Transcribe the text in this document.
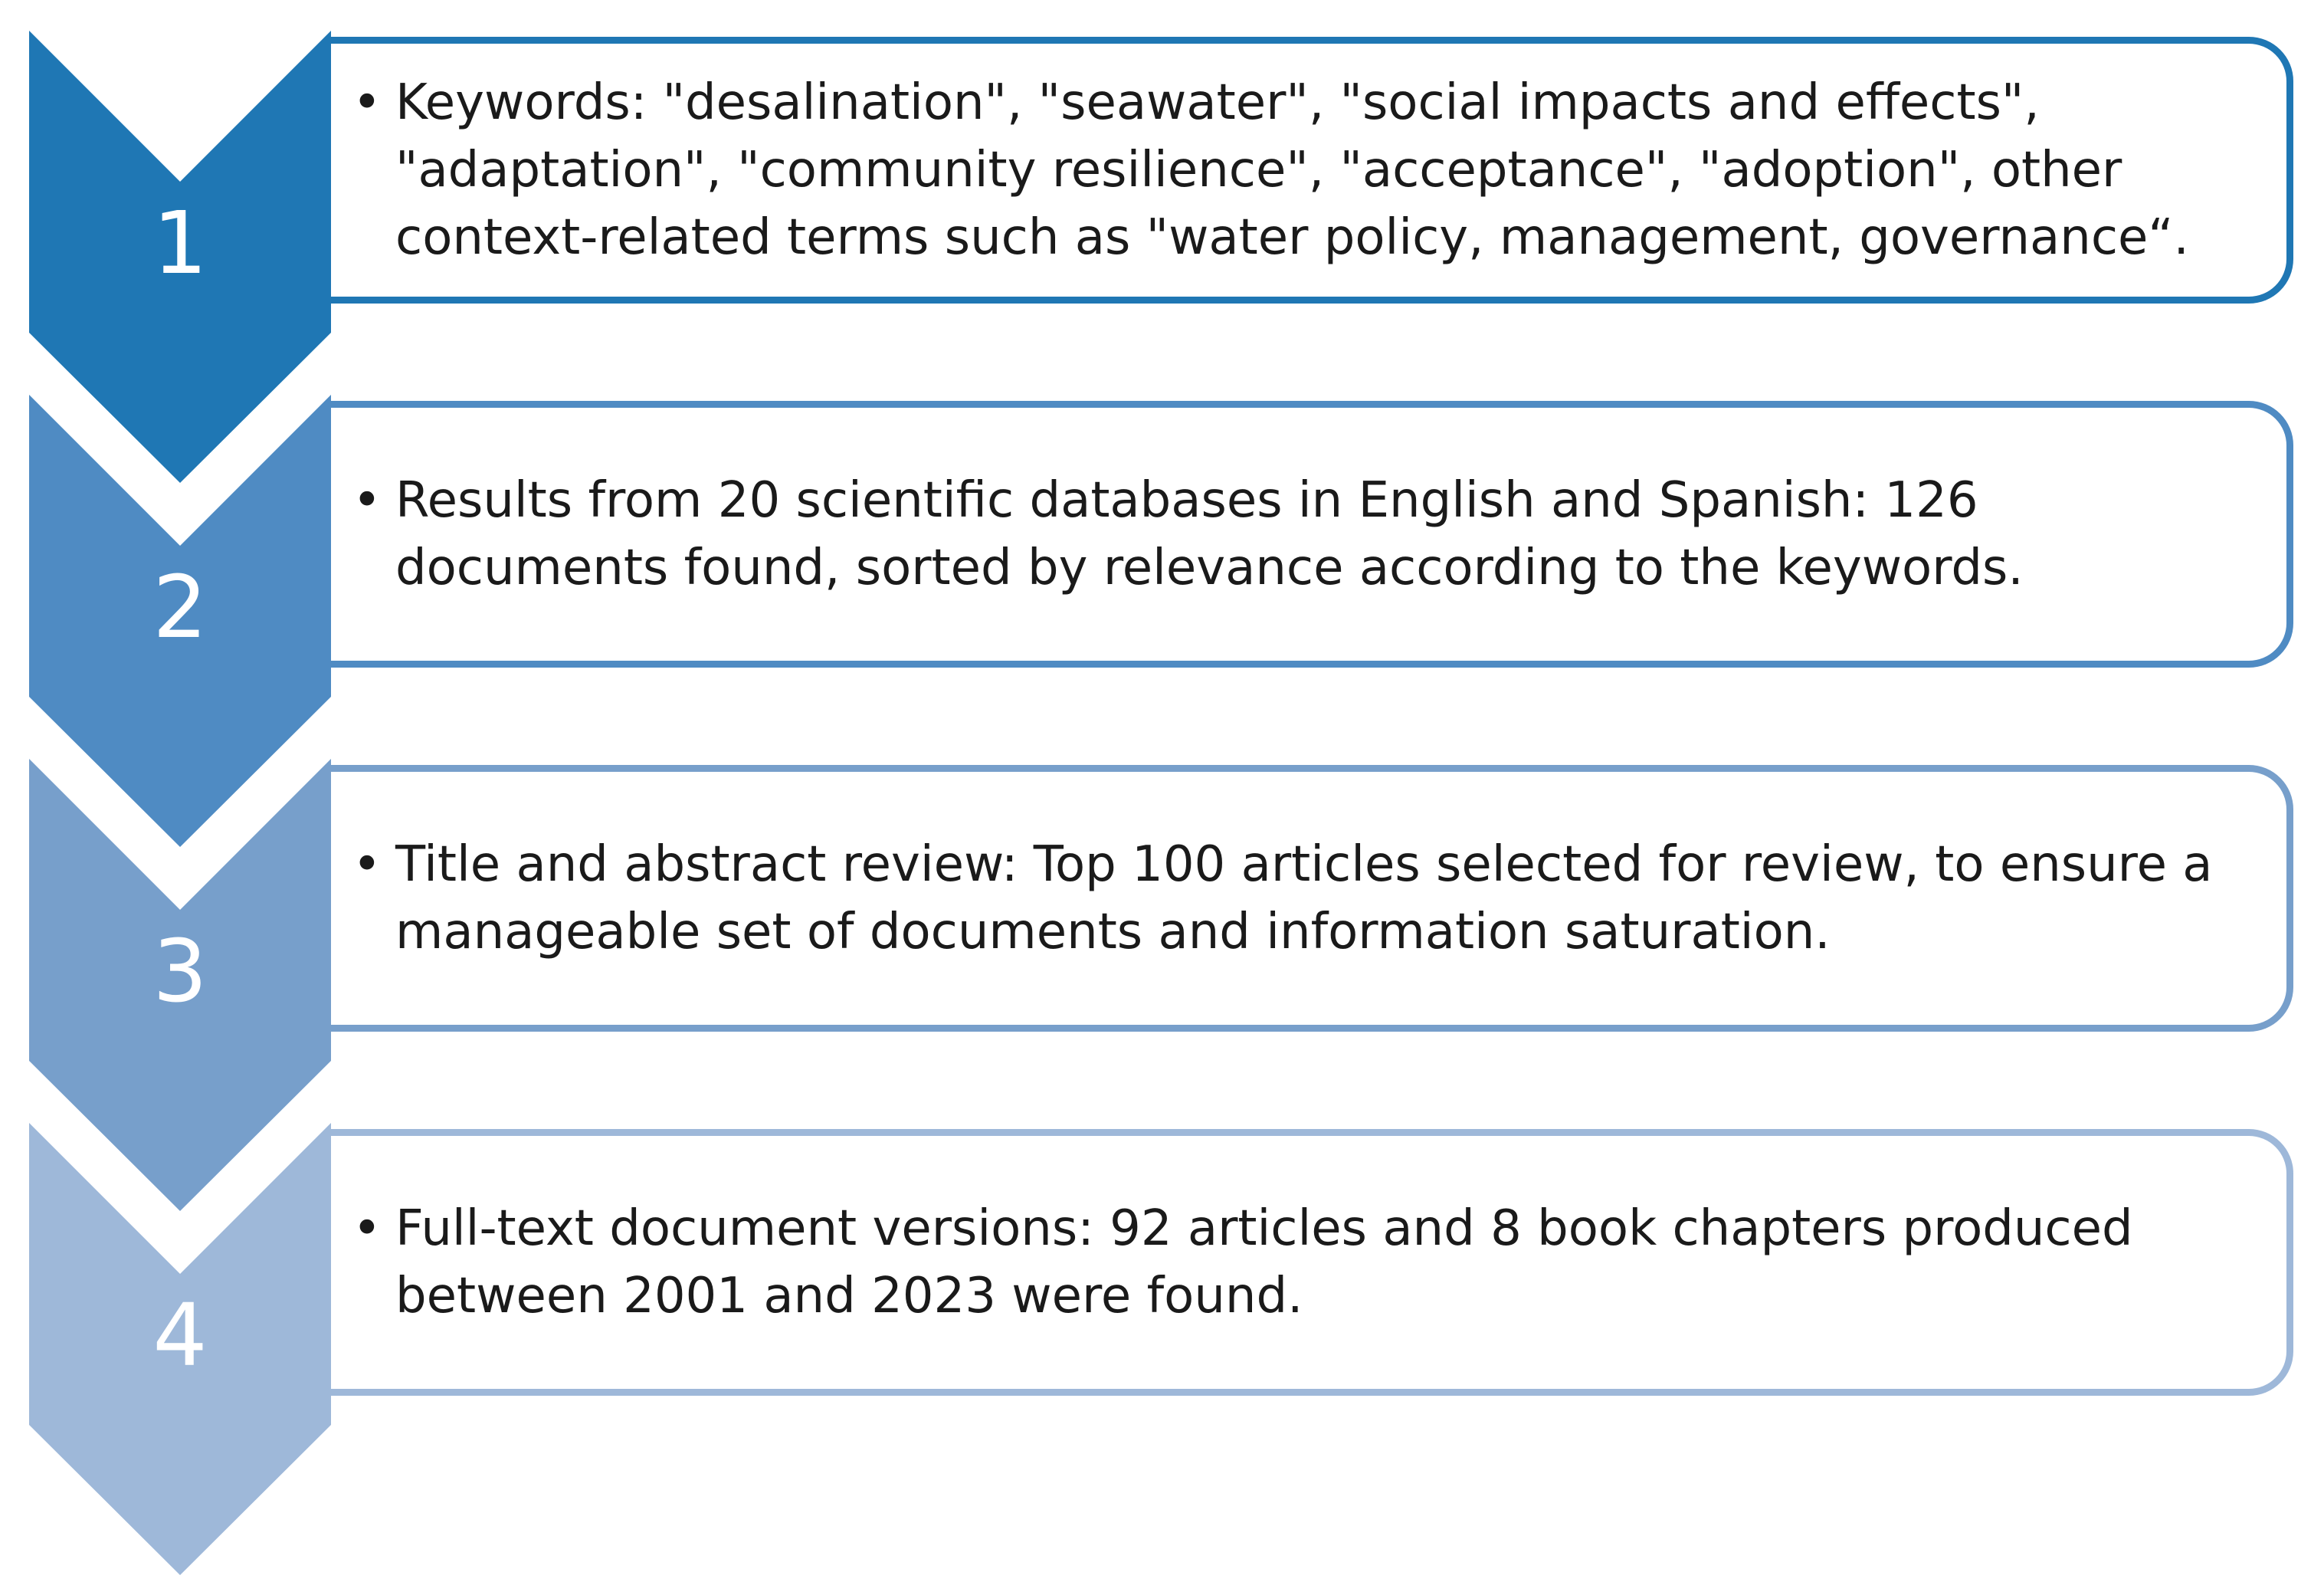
• Keywords: "desalination", "seawater", "social impacts and effects", "adaptation", "community resilience", "acceptance", "adoption", other context-related terms such as "water policy, management, governance“.
1
• Results from 20 scientific databases in English and Spanish: 126 documents found, sorted by relevance according to the keywords.
2
• Title and abstract review: Top 100 articles selected for review, to ensure a manageable set of documents and information saturation.
3
• Full-text document versions: 92 articles and 8 book chapters produced between 2001 and 2023 were found.
4
